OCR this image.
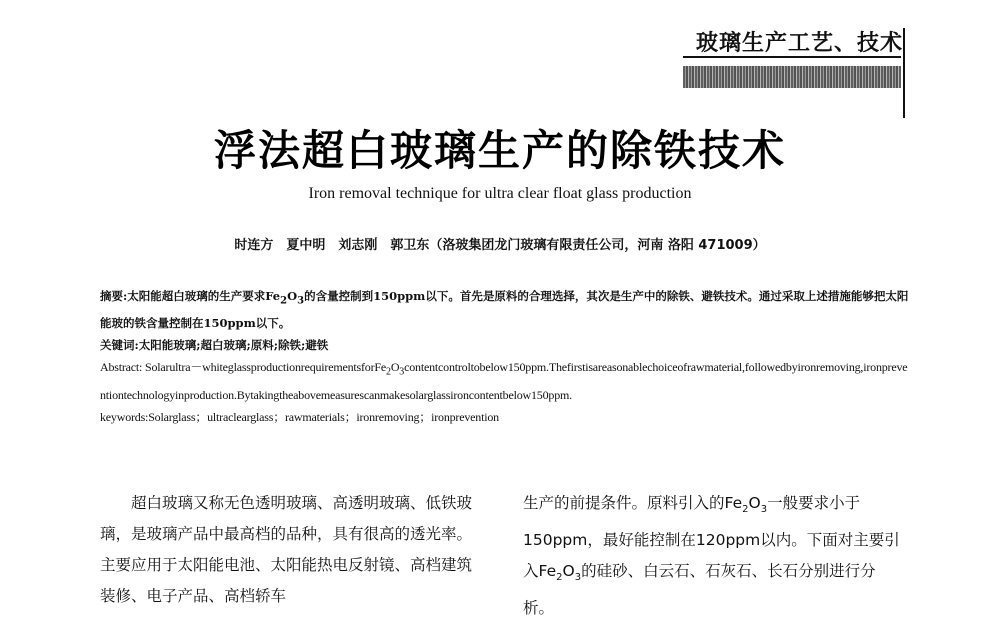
玻璃生产工艺、技术
浮法超白玻璃生产的除铁技术
Iron removal technique for ultra clear float glass production
时连方　夏中明　刘志刚　郭卫东（洛玻集团龙门玻璃有限责任公司，河南 洛阳 471009）

摘要:太阳能超白玻璃的生产要求$Fe_2O_3$的含量控制到150ppm以下。首先是原料的合理选择，其次是生产中的除铁、避铁技术。通过采取上述措施能够把太阳能玻的铁含量控制在150ppm以下。

关键词:太阳能玻璃;超白玻璃;原料;除铁;避铁

Abstract: $Solarultra-whiteglassproductionrequirementsforFe_2O_3contentcontroltobelow150ppm.Thefirstisareasonablechoiceofrawmaterial$,followedbyironremoving,ironpreventiontechnologyinproduction.Bytakingtheabovemeasurescanmakesolarglassironcontentbelow150ppm.

keywords:Solarglass；ultraclearglass；rawmaterials；ironremoving；ironprevention

超白玻璃又称无色透明玻璃、高透明玻璃、低铁玻璃，是玻璃产品中最高档的品种，具有很高的透光率。主要应用于太阳能电池、太阳能热电反射镜、高档建筑装修、电子产品、高档轿车

生产的前提条件。原料引入的$Fe_2O_3$一般要求小于150ppm，最好能控制在120ppm以内。下面对主要引入$Fe_2O_3$的硅砂、白云石、石灰石、长石分别进行分析。
